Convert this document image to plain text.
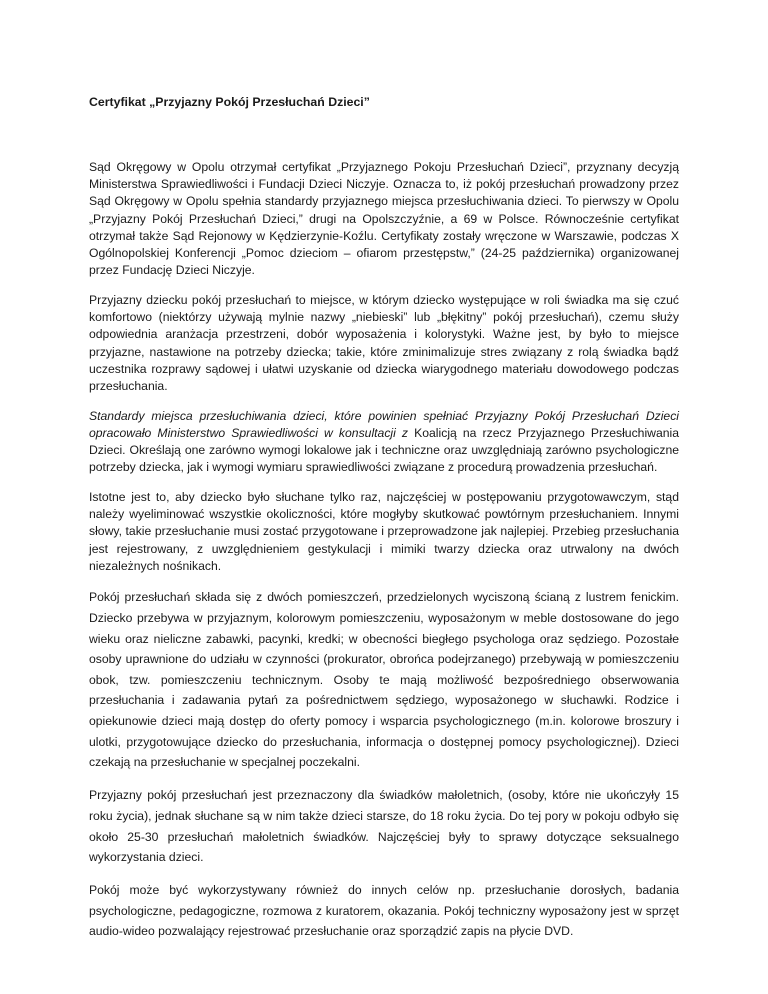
Certyfikat „Przyjazny Pokój Przesłuchań Dzieci”

Sąd Okręgowy w Opolu otrzymał certyfikat „Przyjaznego Pokoju Przesłuchań Dzieci”, przyznany decyzją Ministerstwa Sprawiedliwości i Fundacji Dzieci Niczyje. Oznacza to, iż pokój przesłuchań prowadzony przez Sąd Okręgowy w Opolu spełnia standardy przyjaznego miejsca przesłuchiwania dzieci. To pierwszy w Opolu „Przyjazny Pokój Przesłuchań Dzieci,” drugi na Opolszczyźnie, a 69 w Polsce. Równocześnie certyfikat otrzymał także Sąd Rejonowy w Kędzierzynie-Koźlu. Certyfikaty zostały wręczone w Warszawie, podczas X Ogólnopolskiej Konferencji „Pomoc dzieciom – ofiarom przestępstw,” (24-25 października) organizowanej przez Fundację Dzieci Niczyje.

Przyjazny dziecku pokój przesłuchań to miejsce, w którym dziecko występujące w roli świadka ma się czuć komfortowo (niektórzy używają mylnie nazwy „niebieski” lub „błękitny” pokój przesłuchań), czemu służy odpowiednia aranżacja przestrzeni, dobór wyposażenia i kolorystyki. Ważne jest, by było to miejsce przyjazne, nastawione na potrzeby dziecka; takie, które zminimalizuje stres związany z rolą świadka bądź uczestnika rozprawy sądowej i ułatwi uzyskanie od dziecka wiarygodnego materiału dowodowego podczas przesłuchania.

Standardy miejsca przesłuchiwania dzieci, które powinien spełniać Przyjazny Pokój Przesłuchań Dzieci opracowało Ministerstwo Sprawiedliwości w konsultacji z Koalicją na rzecz Przyjaznego Przesłuchiwania Dzieci. Określają one zarówno wymogi lokalowe jak i techniczne oraz uwzględniają zarówno psychologiczne potrzeby dziecka, jak i wymogi wymiaru sprawiedliwości związane z procedurą prowadzenia przesłuchań.

Istotne jest to, aby dziecko było słuchane tylko raz, najczęściej w postępowaniu przygotowawczym, stąd należy wyeliminować wszystkie okoliczności, które mogłyby skutkować powtórnym przesłuchaniem. Innymi słowy, takie przesłuchanie musi zostać przygotowane i przeprowadzone jak najlepiej. Przebieg przesłuchania jest rejestrowany, z uwzględnieniem gestykulacji i mimiki twarzy dziecka oraz utrwalony na dwóch niezależnych nośnikach.

Pokój przesłuchań składa się z dwóch pomieszczeń, przedzielonych wyciszoną ścianą z lustrem fenickim. Dziecko przebywa w przyjaznym, kolorowym pomieszczeniu, wyposażonym w meble dostosowane do jego wieku oraz nieliczne zabawki, pacynki, kredki; w obecności biegłego psychologa oraz sędziego. Pozostałe osoby uprawnione do udziału w czynności (prokurator, obrońca podejrzanego) przebywają w pomieszczeniu obok, tzw. pomieszczeniu technicznym. Osoby te mają możliwość bezpośredniego obserwowania przesłuchania i zadawania pytań za pośrednictwem sędziego, wyposażonego w słuchawki. Rodzice i opiekunowie dzieci mają dostęp do oferty pomocy i wsparcia psychologicznego (m.in. kolorowe broszury i ulotki, przygotowujące dziecko do przesłuchania, informacja o dostępnej pomocy psychologicznej). Dzieci czekają na przesłuchanie w specjalnej poczekalni.

Przyjazny pokój przesłuchań jest przeznaczony dla świadków małoletnich, (osoby, które nie ukończyły 15 roku życia), jednak słuchane są w nim także dzieci starsze, do 18 roku życia. Do tej pory w pokoju odbyło się około 25-30 przesłuchań małoletnich świadków. Najczęściej były to sprawy dotyczące seksualnego wykorzystania dzieci.

Pokój może być wykorzystywany również do innych celów np. przesłuchanie dorosłych, badania psychologiczne, pedagogiczne, rozmowa z kuratorem, okazania. Pokój techniczny wyposażony jest w sprzęt audio-wideo pozwalający rejestrować przesłuchanie oraz sporządzić zapis na płycie DVD.
